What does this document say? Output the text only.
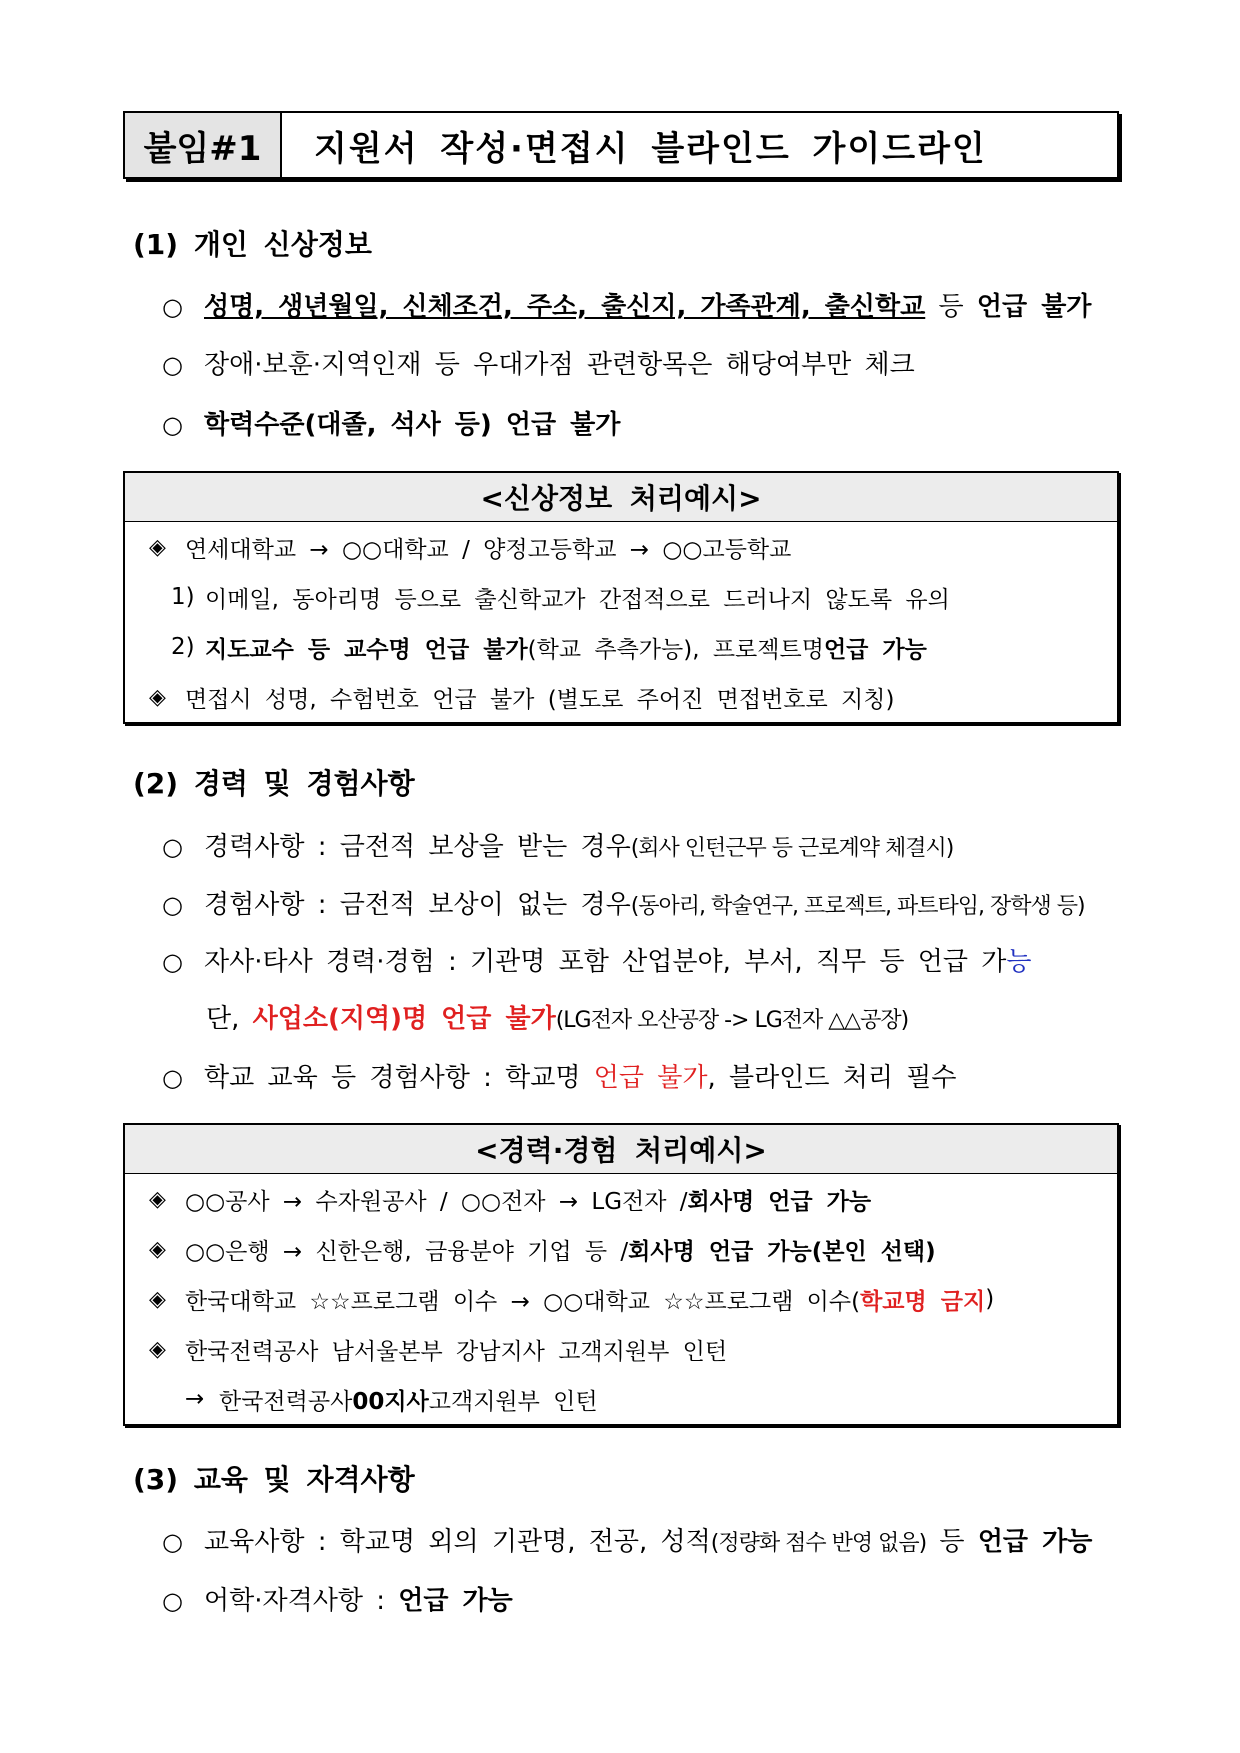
붙임#1	지원서 작성·면접시 블라인드 가이드라인
(1) 개인 신상정보
○ 성명, 생년월일, 신체조건, 주소, 출신지, 가족관계, 출신학교 등 언급 불가
○ 장애·보훈·지역인재 등 우대가점 관련항목은 해당여부만 체크
○ 학력수준(대졸, 석사 등) 언급 불가
<신상정보 처리예시>
◈ 연세대학교 → ○○대학교 / 양정고등학교 → ○○고등학교
1) 이메일, 동아리명 등으로 출신학교가 간접적으로 드러나지 않도록 유의
2) 지도교수 등 교수명 언급 불가 (학교 추측가능), 프로젝트명 언급 가능
◈ 면접시 성명, 수험번호 언급 불가 (별도로 주어진 면접번호로 지칭)
(2) 경력 및 경험사항
○ 경력사항 : 금전적 보상을 받는 경우(회사 인턴근무 등 근로계약 체결시)
○ 경험사항 : 금전적 보상이 없는 경우(동아리, 학술연구, 프로젝트, 파트타임, 장학생 등)
○ 자사·타사 경력·경험 : 기관명 포함 산업분야, 부서, 직무 등 언급 가능
단, 사업소(지역)명 언급 불가(LG전자 오산공장 -> LG전자 △△공장)
○ 학교 교육 등 경험사항 : 학교명 언급 불가, 블라인드 처리 필수
<경력·경험 처리예시>
◈ ○○공사 → 수자원공사 / ○○전자 → LG전자 / 회사명 언급 가능
◈ ○○은행 → 신한은행, 금융분야 기업 등 / 회사명 언급 가능(본인 선택)
◈ 한국대학교 ☆☆프로그램 이수 → ○○대학교 ☆☆프로그램 이수( 학교명 금지 )
◈ 한국전력공사 남서울본부 강남지사 고객지원부 인턴
→ 한국전력공사 00지사 고객지원부 인턴
(3) 교육 및 자격사항
○ 교육사항 : 학교명 외의 기관명, 전공, 성적(정량화 점수 반영 없음) 등 언급 가능
○ 어학·자격사항 : 언급 가능
